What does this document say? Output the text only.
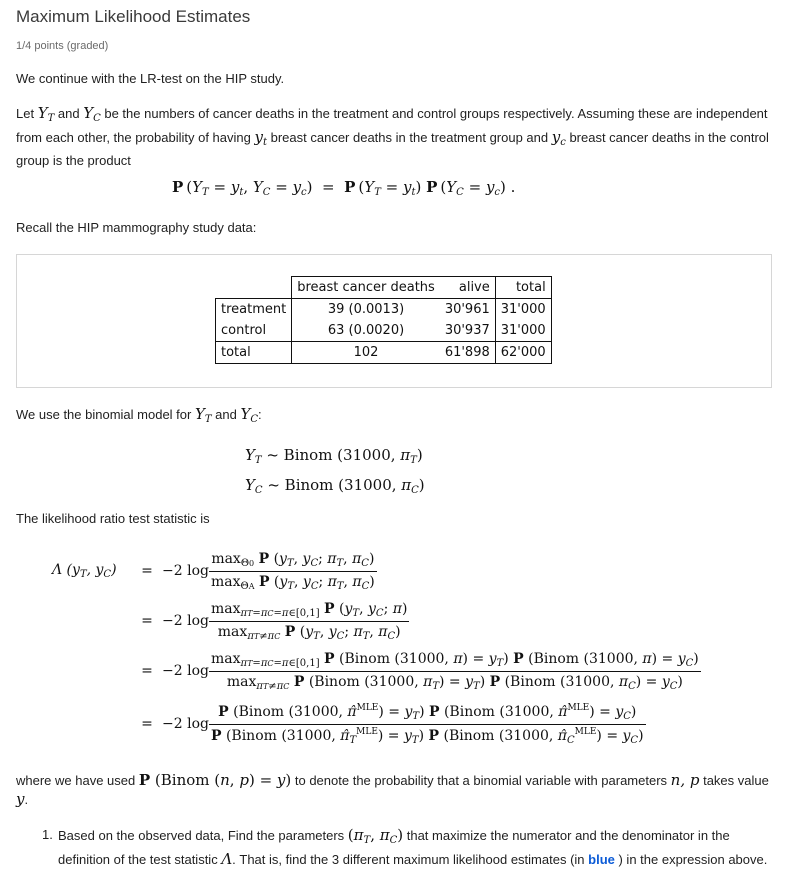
Maximum Likelihood Estimates
1/4 points (graded)
We continue with the LR-test on the HIP study.
Let $Y_T$ and $Y_C$ be the numbers of cancer deaths in the treatment and control groups respectively. Assuming these are independent from each other, the probability of having $y_t$ breast cancer deaths in the treatment group and $y_c$ breast cancer deaths in the control group is the product
P ($Y_T = y_t$, $Y_C = y_c) = P$ $(Y_T = y_t)$ P $(Y_C = y_c)$ .
Recall the HIP mammography study data:
	breast cancer deaths	alive	total
treatment	39 (0.0013)	30'961	31'000
control	63 (0.0020)	30'937	31'000
total	102	61'898	62'000
We use the binomial model for $Y_T$ and $Y_C$:
$Y_T$ ~ Binom (31000, $\pi_T$)
$Y_C$ ~ Binom (31000, $\pi_C$)
The likelihood ratio test statistic is
Λ ($y_T$, $y_C$)	= −2 $\log \frac{\max_{\Theta 0} P (y_T, y_C; \pi_T, \pi_C)}{\max_{\Theta A} P (y_T, y_C; \pi_T, \pi_C)}$
= −2 $\log \frac{\max_{\pi T=\pi C=\pi\in[0,1]} P (y_T, y_C; \pi)}{\max_{\pi T\ne\pi C} P (y_T, y_C; \pi_T, \pi_C)}$
= −2 log
$\max_{\pi T=\pi C=\pi\in[0,1]} P$ (Binom (31000, $\pi) = y_T$) P (Binom (31000, $\pi) = y_C$)
$\max_{\pi T\ne\pi C} P$ (Binom (31000, $\pi_T) = y_T$) P (Binom (31000, $\pi_C) = y_C$)
= −2 log
P (Binom (31000, π̂$^{MLE}$) = $y_T$) P (Binom (31000, π̂$^{MLE}$) = $y_C$)
P (Binom (31000, $\pî_T^{MLE}) = y_T$) P (Binom (31000, $\pî_C^{MLE}) = y_C$)
where we have used P (Binom (n, p) = y) to denote the probability that a binomial variable with parameters n, p takes value y.
1. Based on the observed data, Find the parameters ($\pi_T$, $\pi_C$) that maximize the numerator and the denominator in the definition of the test statistic Λ. That is, find the 3 different maximum likelihood estimates (in blue ) in the expression above.
